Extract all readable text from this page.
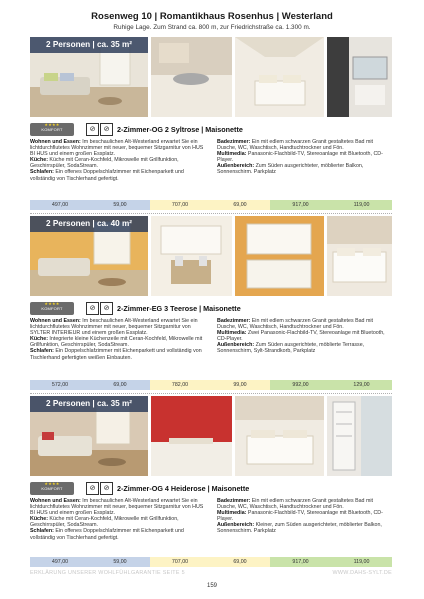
Rosenweg 10 | Romantikhaus Rosenhus | Westerland
Ruhige Lage. Zum Strand ca. 800 m, zur Friedrichstraße ca. 1.300 m.
2 Personen | ca. 35 m²
★★★★
KOMFORT	⊘	⊘	2-Zimmer-OG 2 Syltrose | Maisonette
Wohnen und Essen: Im beschaulichen Alt-Westerland erwartet Sie ein lichtdurchflutetes Wohnzimmer mit neuer, bequemer Sitzgarnitur von HUS BI HUS und einem großen Essplatz.
Küche: Küche mit Ceran-Kochfeld, Mikrowelle mit Grillfunktion, Geschirrspüler, SodaStream.
Schlafen: Ein offenes Doppelschlafzimmer mit Eichenparkett und vollständig von Tischlerhand gefertigt.
Badezimmer: Ein mit edlem schwarzen Granit gestaltetes Bad mit Dusche, WC, Waschtisch, Handtuchtrockner und Fön.
Multimedia: Panasonic-Flachbild-TV, Stereoanlage mit Bluetooth, CD-Player.
Außenbereich: Zum Süden ausgerichteter, möblierter Balkon, Sonnenschirm. Parkplatz
497,00	59,00	707,00	69,00	917,00	119,00
2 Personen | ca. 40 m²
★★★★
KOMFORT	⊘	⊘	2-Zimmer-EG 3 Teerose | Maisonette
Wohnen und Essen: Im beschaulichen Alt-Westerland erwartet Sie ein lichtdurchflutetes Wohnzimmer mit neuer, bequemer Sitzgarnitur von SYLTER INTERIEUR und einem großen Essplatz.
Küche: Integrierte kleine Küchenzeile mit Ceran-Kochfeld, Mikrowelle mit Grillfunktion, Geschirrspüler, SodaStream.
Schlafen: Ein Doppelschlafzimmer mit Eichenparkett und vollständig von Tischlerhand gefertigten weißen Einbauten.
Badezimmer: Ein mit edlem schwarzen Granit gestaltetes Bad mit Dusche, WC, Waschtisch, Handtuchtrockner und Fön.
Multimedia: Zwei Panasonic-Flachbild-TV, Stereoanlage mit Bluetooth, CD-Player.
Außenbereich: Zum Süden ausgerichtete, möblierte Terrasse, Sonnenschirm, Sylt-Strandkorb, Parkplatz
572,00	69,00	782,00	99,00	992,00	129,00
2 Personen | ca. 35 m²
★★★★
KOMFORT	⊘	⊘	2-Zimmer-OG 4 Heiderose | Maisonette
Wohnen und Essen: Im beschaulichen Alt-Westerland erwartet Sie ein lichtdurchflutetes Wohnzimmer mit neuer, bequemer Sitzgarnitur von HUS BI HUS und einem großen Essplatz.
Küche: Küche mit Ceran-Kochfeld, Mikrowelle mit Grillfunktion, Geschirrspüler, SodaStream.
Schlafen: Ein offenes Doppelschlafzimmer mit Eichenparkett und vollständig von Tischlerhand gefertigt.
Badezimmer: Ein mit edlem schwarzen Granit gestaltetes Bad mit Dusche, WC, Waschtisch, Handtuchtrockner und Fön.
Multimedia: Panasonic-Flachbild-TV, Stereoanlage mit Bluetooth, CD-Player.
Außenbereich: Kleiner, zum Süden ausgerichteter, möblierter Balkon, Sonnenschirm. Parkplatz
497,00	59,00	707,00	69,00	917,00	119,00
ERKLÄRUNG UNSERER WOHLFÜHLGARANTIE SEITE 5	WWW.DAHS-SYLT.DE
159
